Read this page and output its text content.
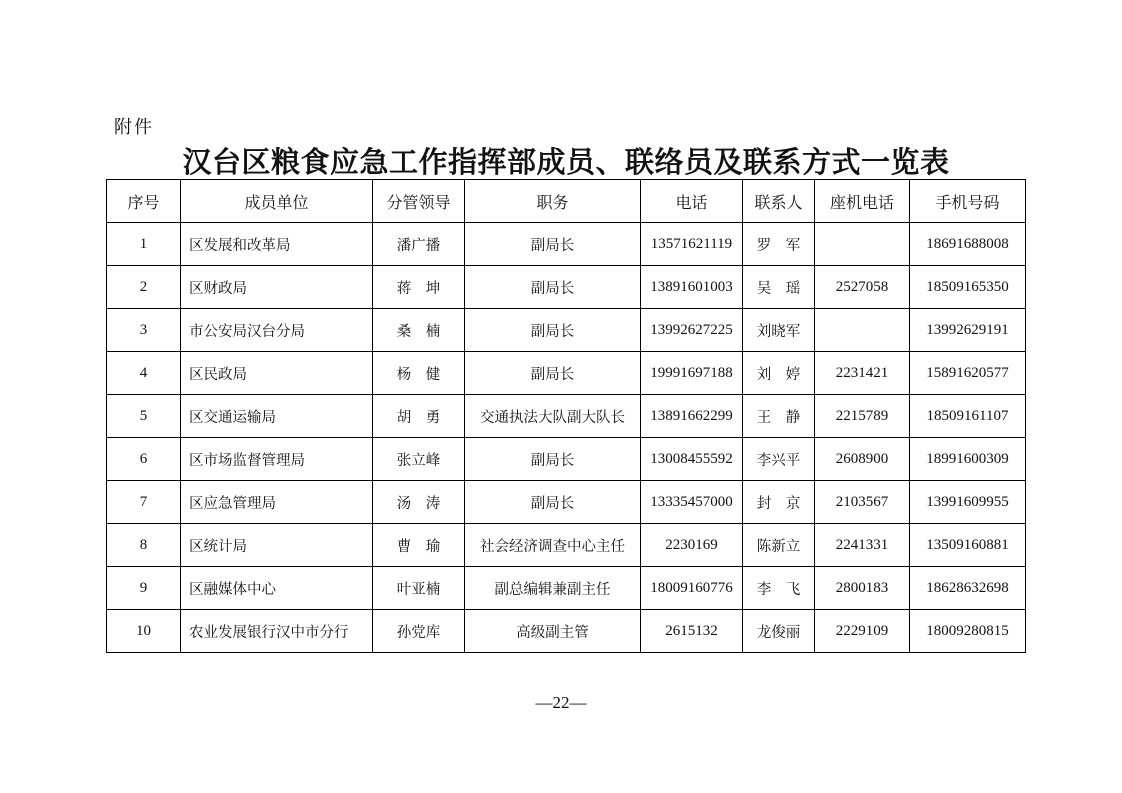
附件
汉台区粮食应急工作指挥部成员、联络员及联系方式一览表
序号	成员单位	分管领导	职务	电话	联系人	座机电话	手机号码
1	区发展和改革局	潘广播	副局长	13571621119	罗　军		18691688008
2	区财政局	蒋　坤	副局长	13891601003	吴　瑶	2527058	18509165350
3	市公安局汉台分局	桑　楠	副局长	13992627225	刘晓军		13992629191
4	区民政局	杨　健	副局长	19991697188	刘　婷	2231421	15891620577
5	区交通运输局	胡　勇	交通执法大队副大队长	13891662299	王　静	2215789	18509161107
6	区市场监督管理局	张立峰	副局长	13008455592	李兴平	2608900	18991600309
7	区应急管理局	汤　涛	副局长	13335457000	封　京	2103567	13991609955
8	区统计局	曹　瑜	社会经济调查中心主任	2230169	陈新立	2241331	13509160881
9	区融媒体中心	叶亚楠	副总编辑兼副主任	18009160776	李　飞	2800183	18628632698
10	农业发展银行汉中市分行	孙党库	高级副主管	2615132	龙俊丽	2229109	18009280815
—22—
